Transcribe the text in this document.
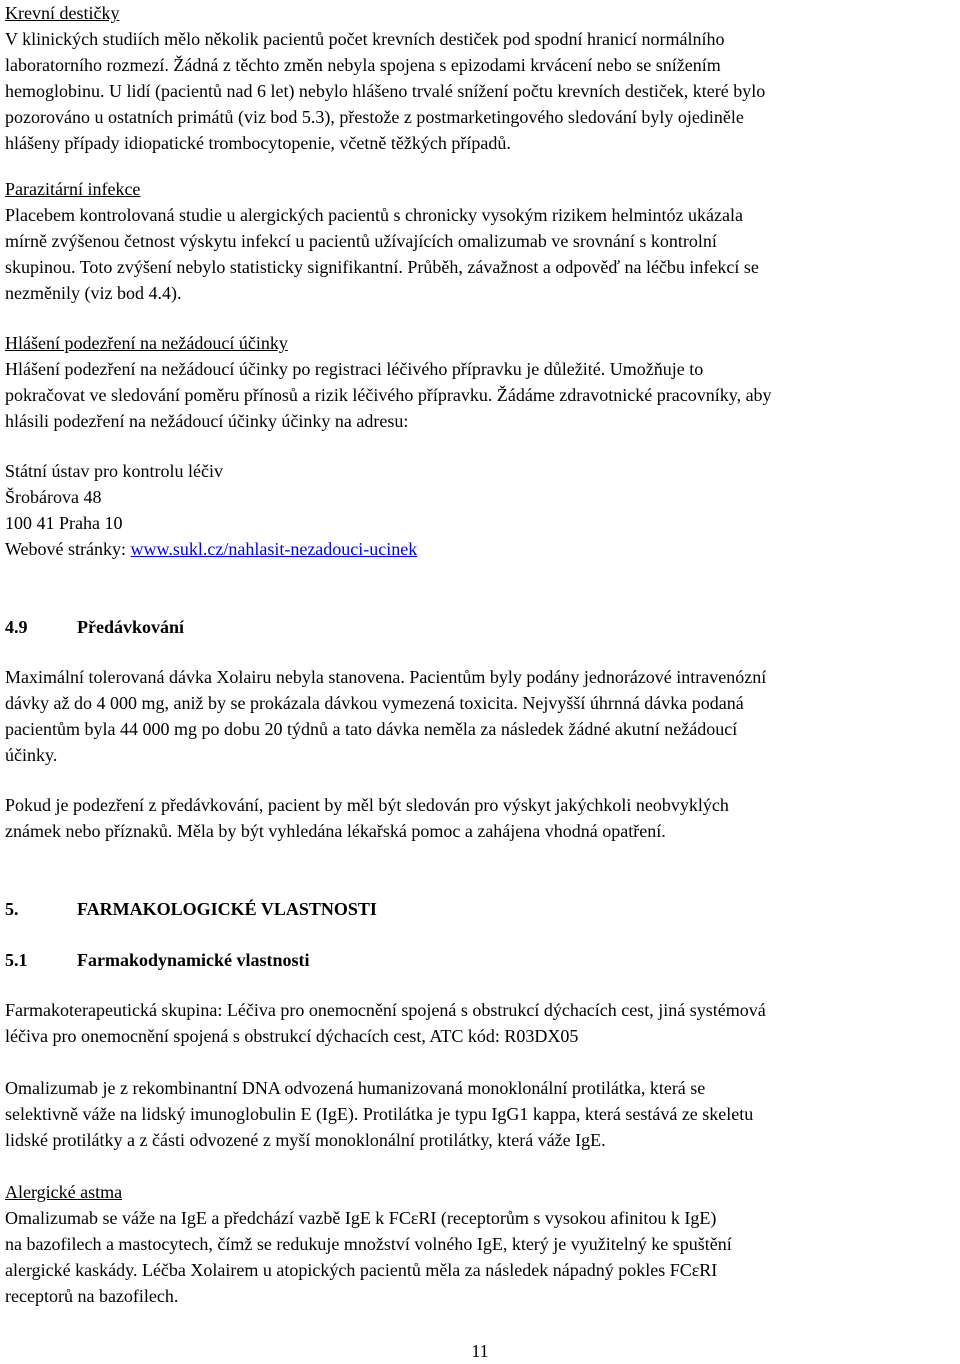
Krevní destičky
V klinických studiích mělo několik pacientů počet krevních destiček pod spodní hranicí normálního
laboratorního rozmezí. Žádná z těchto změn nebyla spojena s epizodami krvácení nebo se snížením
hemoglobinu. U lidí (pacientů nad 6 let) nebylo hlášeno trvalé snížení počtu krevních destiček, které bylo
pozorováno u ostatních primátů (viz bod 5.3), přestože z postmarketingového sledování byly ojediněle
hlášeny případy idiopatické trombocytopenie, včetně těžkých případů.
Parazitární infekce
Placebem kontrolovaná studie u alergických pacientů s chronicky vysokým rizikem helmintóz ukázala
mírně zvýšenou četnost výskytu infekcí u pacientů užívajících omalizumab ve srovnání s kontrolní
skupinou. Toto zvýšení nebylo statisticky signifikantní. Průběh, závažnost a odpověď na léčbu infekcí se
nezměnily (viz bod 4.4).
Hlášení podezření na nežádoucí účinky
Hlášení podezření na nežádoucí účinky po registraci léčivého přípravku je důležité. Umožňuje to
pokračovat ve sledování poměru přínosů a rizik léčivého přípravku. Žádáme zdravotnické pracovníky, aby
hlásili podezření na nežádoucí účinky účinky na adresu:
Státní ústav pro kontrolu léčiv
Šrobárova 48
100 41 Praha 10
Webové stránky: www.sukl.cz/nahlasit-nezadouci-ucinek
4.9	Předávkování
Maximální tolerovaná dávka Xolairu nebyla stanovena. Pacientům byly podány jednorázové intravenózní
dávky až do 4 000 mg, aniž by se prokázala dávkou vymezená toxicita. Nejvyšší úhrnná dávka podaná
pacientům byla 44 000 mg po dobu 20 týdnů a tato dávka neměla za následek žádné akutní nežádoucí
účinky.
Pokud je podezření z předávkování, pacient by měl být sledován pro výskyt jakýchkoli neobvyklých
známek nebo příznaků. Měla by být vyhledána lékařská pomoc a zahájena vhodná opatření.
5.	FARMAKOLOGICKÉ VLASTNOSTI
5.1	Farmakodynamické vlastnosti
Farmakoterapeutická skupina: Léčiva pro onemocnění spojená s obstrukcí dýchacích cest, jiná systémová
léčiva pro onemocnění spojená s obstrukcí dýchacích cest, ATC kód: R03DX05
Omalizumab je z rekombinantní DNA odvozená humanizovaná monoklonální protilátka, která se
selektivně váže na lidský imunoglobulin E (IgE). Protilátka je typu IgG1 kappa, která sestává ze skeletu
lidské protilátky a z části odvozené z myší monoklonální protilátky, která váže IgE.
Alergické astma
Omalizumab se váže na IgE a předchází vazbě IgE k FCεRI (receptorům s vysokou afinitou k IgE)
na bazofilech a mastocytech, čímž se redukuje množství volného IgE, který je využitelný ke spuštění
alergické kaskády. Léčba Xolairem u atopických pacientů měla za následek nápadný pokles FCεRI
receptorů na bazofilech.
11
